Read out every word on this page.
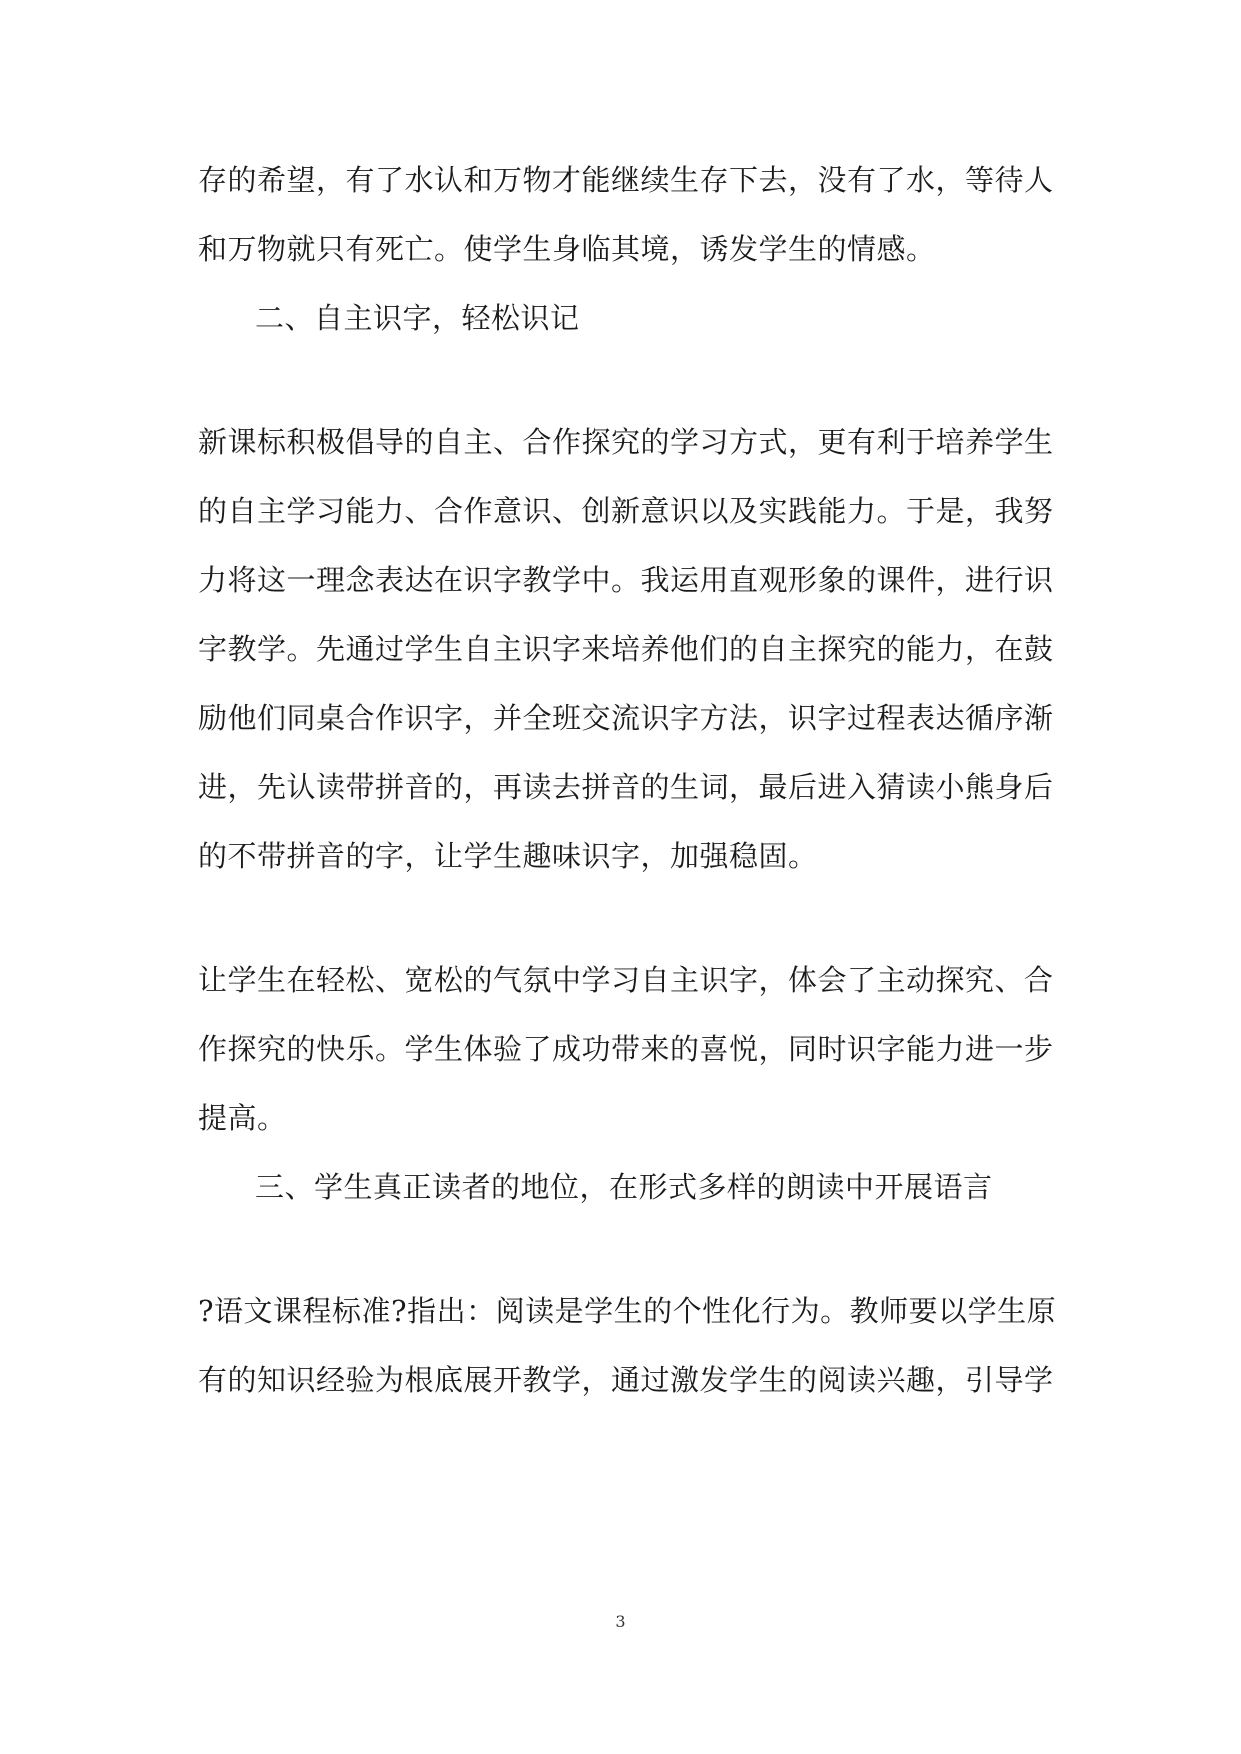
存的希望，有了水认和万物才能继续生存下去，没有了水，等待人
和万物就只有死亡。使学生身临其境，诱发学生的情感。
二、自主识字，轻松识记
新课标积极倡导的自主、合作探究的学习方式，更有利于培养学生
的自主学习能力、合作意识、创新意识以及实践能力。于是，我努
力将这一理念表达在识字教学中。我运用直观形象的课件，进行识
字教学。先通过学生自主识字来培养他们的自主探究的能力，在鼓
励他们同桌合作识字，并全班交流识字方法，识字过程表达循序渐
进，先认读带拼音的，再读去拼音的生词，最后进入猜读小熊身后
的不带拼音的字，让学生趣味识字，加强稳固。
让学生在轻松、宽松的气氛中学习自主识字，体会了主动探究、合
作探究的快乐。学生体验了成功带来的喜悦，同时识字能力进一步
提高。
三、学生真正读者的地位，在形式多样的朗读中开展语言
?语文课程标准?指出：阅读是学生的个性化行为。教师要以学生原
有的知识经验为根底展开教学，通过激发学生的阅读兴趣，引导学
3
